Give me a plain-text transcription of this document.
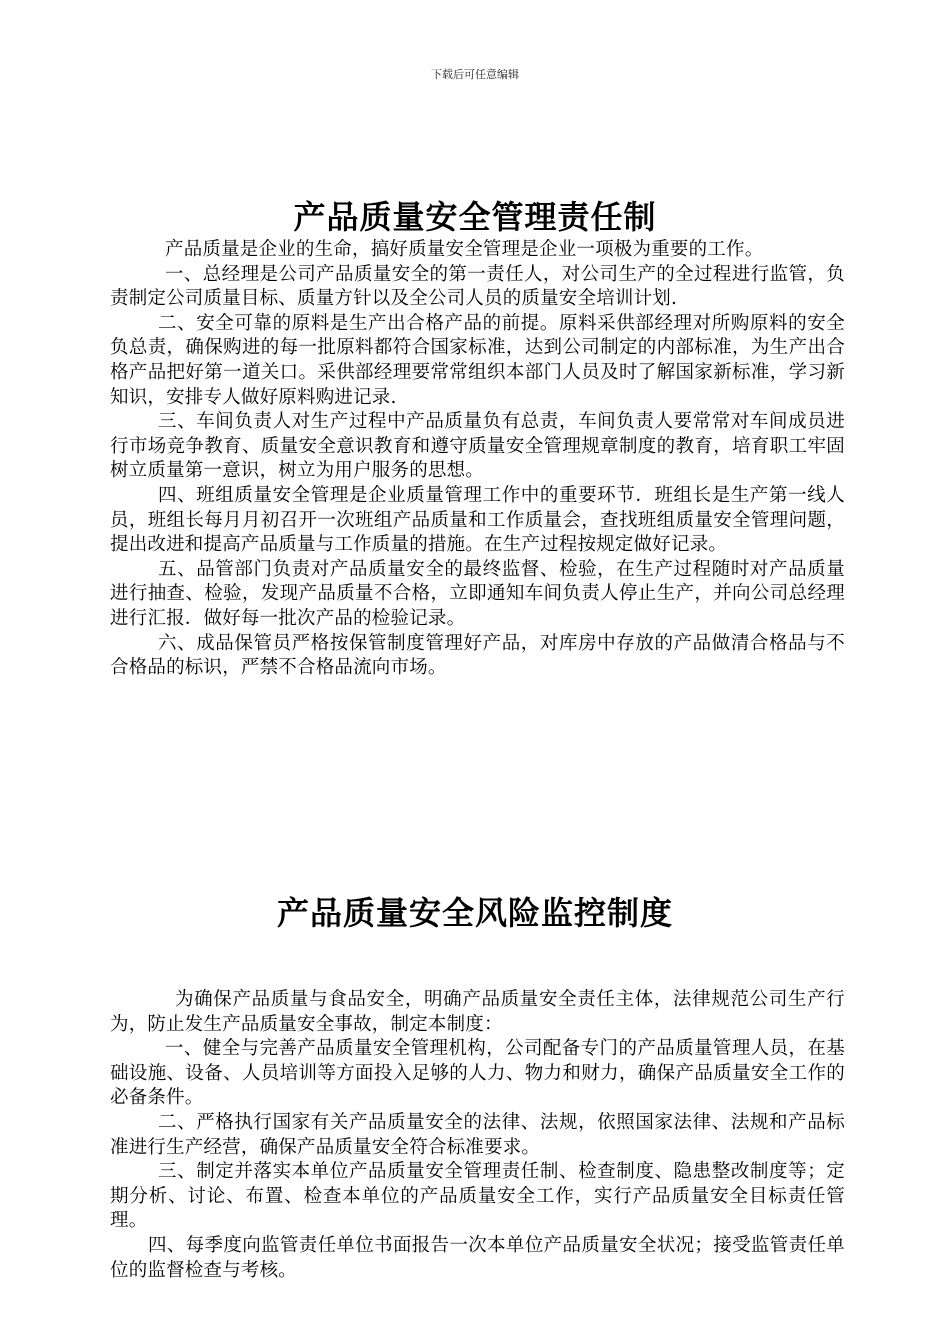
下载后可任意编辑
产品质量安全管理责任制

产品质量是企业的生命，搞好质量安全管理是企业一项极为重要的工作。

一、总经理是公司产品质量安全的第一责任人，对公司生产的全过程进行监管，负责制定公司质量目标、质量方针以及全公司人员的质量安全培训计划.

二、安全可靠的原料是生产出合格产品的前提。原料采供部经理对所购原料的安全负总责，确保购进的每一批原料都符合国家标准，达到公司制定的内部标准，为生产出合格产品把好第一道关口。采供部经理要常常组织本部门人员及时了解国家新标准，学习新知识，安排专人做好原料购进记录.

三、车间负责人对生产过程中产品质量负有总责，车间负责人要常常对车间成员进行市场竞争教育、质量安全意识教育和遵守质量安全管理规章制度的教育，培育职工牢固树立质量第一意识，树立为用户服务的思想。

四、班组质量安全管理是企业质量管理工作中的重要环节．班组长是生产第一线人员，班组长每月月初召开一次班组产品质量和工作质量会，查找班组质量安全管理问题，提出改进和提高产品质量与工作质量的措施。在生产过程按规定做好记录。

五、品管部门负责对产品质量安全的最终监督、检验，在生产过程随时对产品质量进行抽查、检验，发现产品质量不合格，立即通知车间负责人停止生产，并向公司总经理进行汇报．做好每一批次产品的检验记录。

六、成品保管员严格按保管制度管理好产品，对库房中存放的产品做清合格品与不合格品的标识，严禁不合格品流向市场。

产品质量安全风险监控制度

为确保产品质量与食品安全，明确产品质量安全责任主体，法律规范公司生产行为，防止发生产品质量安全事故，制定本制度：

一、健全与完善产品质量安全管理机构，公司配备专门的产品质量管理人员，在基础设施、设备、人员培训等方面投入足够的人力、物力和财力，确保产品质量安全工作的必备条件。

二、严格执行国家有关产品质量安全的法律、法规，依照国家法律、法规和产品标准进行生产经营，确保产品质量安全符合标准要求。

三、制定并落实本单位产品质量安全管理责任制、检查制度、隐患整改制度等；定期分析、讨论、布置、检查本单位的产品质量安全工作，实行产品质量安全目标责任管理。

四、每季度向监管责任单位书面报告一次本单位产品质量安全状况；接受监管责任单位的监督检查与考核。
